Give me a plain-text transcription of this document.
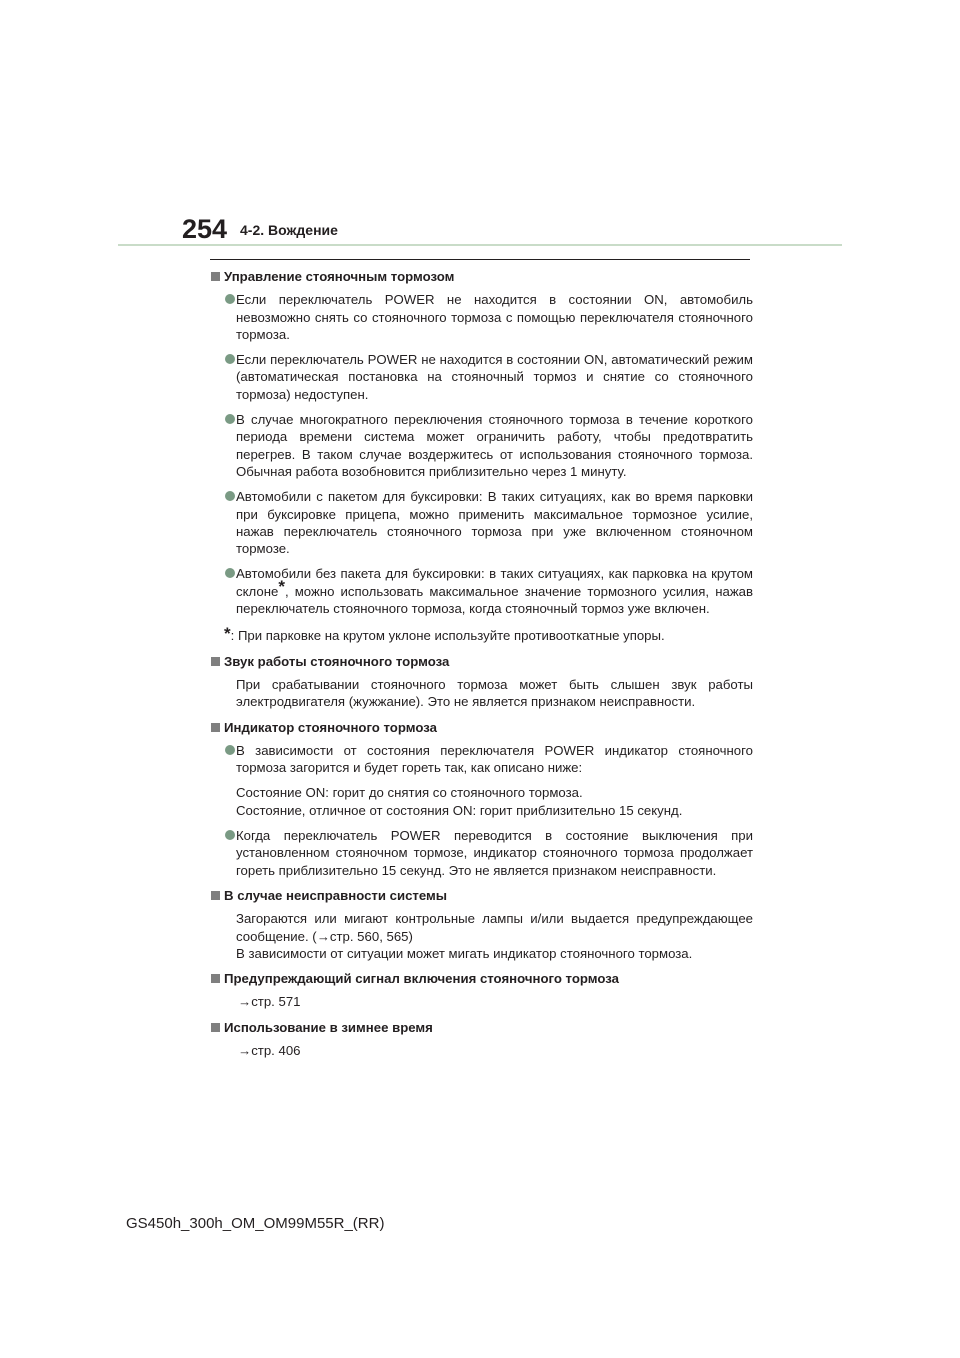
254 4-2. Вождение
Управление стояночным тормозом
Если переключатель POWER не находится в состоянии ON, автомобиль невозможно снять со стояночного тормоза с помощью переключателя стояночного тормоза.
Если переключатель POWER не находится в состоянии ON, автоматический режим (автоматическая постановка на стояночный тормоз и снятие со стояночного тормоза) недоступен.
В случае многократного переключения стояночного тормоза в течение короткого периода времени система может ограничить работу, чтобы предотвратить перегрев. В таком случае воздержитесь от использования стояночного тормоза. Обычная работа возобновится приблизительно через 1 минуту.
Автомобили с пакетом для буксировки: В таких ситуациях, как во время парковки при буксировке прицепа, можно применить максимальное тормозное усилие, нажав переключатель стояночного тормоза при уже включенном стояночном тормозе.
Автомобили без пакета для буксировки: в таких ситуациях, как парковка на крутом склоне*, можно использовать максимальное значение тормозного усилия, нажав переключатель стояночного тормоза, когда стояночный тормоз уже включен.
*: При парковке на крутом уклоне используйте противооткатные упоры.
Звук работы стояночного тормоза
При срабатывании стояночного тормоза может быть слышен звук работы электродвигателя (жужжание). Это не является признаком неисправности.
Индикатор стояночного тормоза
В зависимости от состояния переключателя POWER индикатор стояночного тормоза загорится и будет гореть так, как описано ниже:
Состояние ON: горит до снятия со стояночного тормоза.
Состояние, отличное от состояния ON: горит приблизительно 15 секунд.
Когда переключатель POWER переводится в состояние выключения при установленном стояночном тормозе, индикатор стояночного тормоза продолжает гореть приблизительно 15 секунд. Это не является признаком неисправности.
В случае неисправности системы
Загораются или мигают контрольные лампы и/или выдается предупреждающее сообщение. (→стр. 560, 565)
В зависимости от ситуации может мигать индикатор стояночного тормоза.
Предупреждающий сигнал включения стояночного тормоза
→стр. 571
Использование в зимнее время
→стр. 406
GS450h_300h_OM_OM99M55R_(RR)
